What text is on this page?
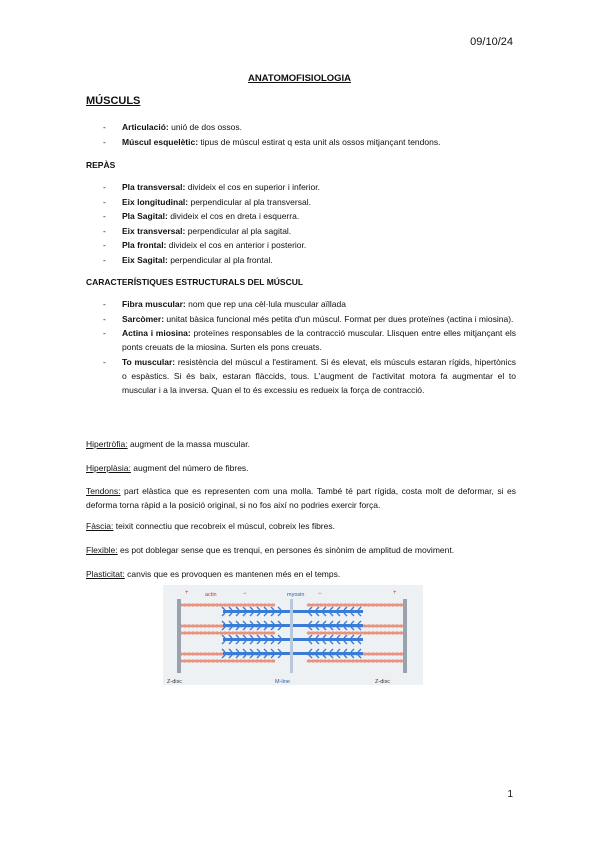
09/10/24
ANATOMOFISIOLOGIA
MÚSCULS
- Articulació: unió de dos ossos.
- Múscul esquelètic: tipus de múscul estirat q esta unit als ossos mitjançant tendons.
REPÀS
- Pla transversal: divideix el cos en superior i inferior.
- Eix longitudinal: perpendicular al pla transversal.
- Pla Sagital: divideix el cos en dreta i esquerra.
- Eix transversal: perpendicular al pla sagital.
- Pla frontal: divideix el cos en anterior i posterior.
- Eix Sagital: perpendicular al pla frontal.
CARACTERÍSTIQUES ESTRUCTURALS DEL MÚSCUL
- Fibra muscular: nom que rep una cèl·lula muscular aïllada
- Sarcòmer: unitat bàsica funcional més petita d'un múscul. Format per dues proteïnes (actina i miosina).
- Actina i miosina: proteïnes responsables de la contracció muscular. Llisquen entre elles mitjançant els ponts creuats de la miosina. Surten els pons creuats.
- To muscular: resistència del múscul a l'estirament. Si és elevat, els músculs estaran rígids, hipertònics o espàstics. Si és baix, estaran flàccids, tous. L'augment de l'activitat motora fa augmentar el to muscular i a la inversa. Quan el to és excessiu es redueix la força de contracció.
Hipertròfia: augment de la massa muscular.
Hiperplàsia: augment del número de fibres.
Tendons: part elàstica que es representen com una molla. També té part rígida, costa molt de deformar, si es deforma torna ràpid a la posició original, si no fos així no podries exercir força.
Fàscia: teixit connectiu que recobreix el múscul, cobreix les fibres.
Flexible: es pot doblegar sense que es trenqui, en persones és sinònim de amplitud de moviment.
Plasticitat: canvis que es provoquen es mantenen més en el temps.
+	actin	−	myosin −	+
Z-disc	M-line	Z-disc
1
